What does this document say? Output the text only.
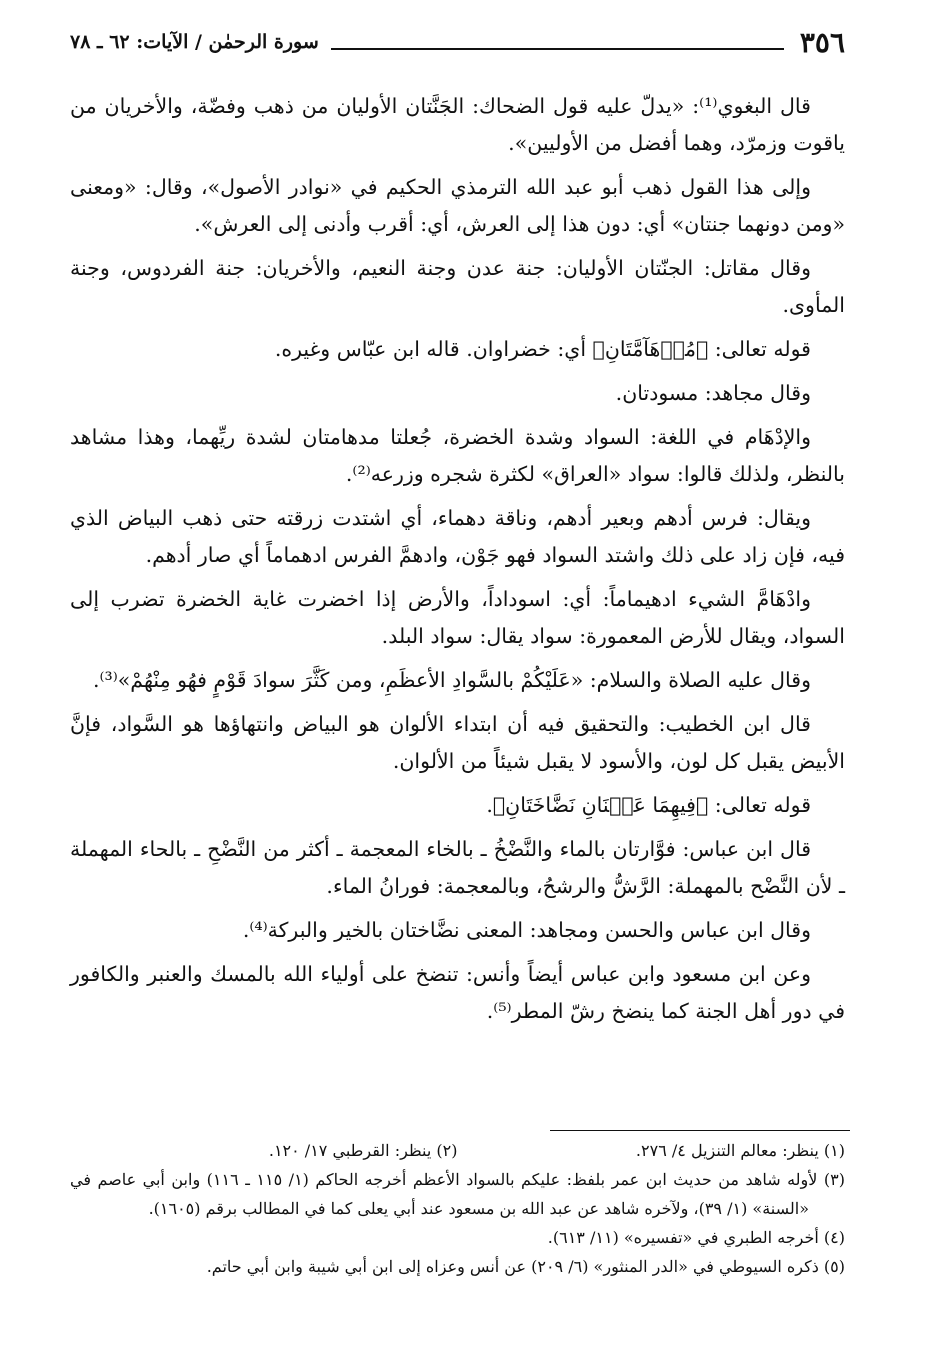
٣٥٦
سورة الرحمٰن / الآيات: ٦٢ ـ ٧٨

قال البغوي⁽¹⁾: «يدلّ عليه قول الضحاك: الجَنَّتان الأوليان من ذهب وفضّة، والأخريان من ياقوت وزمرّد، وهما أفضل من الأوليين».

وإلى هذا القول ذهب أبو عبد الله الترمذي الحكيم في «نوادر الأصول»، وقال: «ومعنى «ومن دونهما جنتان» أي: دون هذا إلى العرش، أي: أقرب وأدنى إلى العرش».

وقال مقاتل: الجنّتان الأوليان: جنة عدن وجنة النعيم، والأخريان: جنة الفردوس، وجنة المأوى.

قوله تعالى: ﴿مُدۡهَآمَّتَانِ﴾ أي: خضراوان. قاله ابن عبّاس وغيره.

وقال مجاهد: مسودتان.

والإدْهَام في اللغة: السواد وشدة الخضرة، جُعلتا مدهامتان لشدة ريِّهما، وهذا مشاهد بالنظر، ولذلك قالوا: سواد «العراق» لكثرة شجره وزرعه⁽²⁾.

ويقال: فرس أدهم وبعير أدهم، وناقة دهماء، أي اشتدت زرقته حتى ذهب البياض الذي فيه، فإن زاد على ذلك واشتد السواد فهو جَوْن، وادهمَّ الفرس ادهماماً أي صار أدهم.

وادْهَامَّ الشيء ادهيماماً: أي: اسوداداً، والأرض إذا اخضرت غاية الخضرة تضرب إلى السواد، ويقال للأرض المعمورة: سواد يقال: سواد البلد.

وقال عليه الصلاة والسلام: «عَلَيْكُمْ بالسَّوادِ الأعظَمِ، ومن كَثَّرَ سوادَ قَوْمٍ فهُو مِنْهُمْ»⁽³⁾.

قال ابن الخطيب: والتحقيق فيه أن ابتداء الألوان هو البياض وانتهاؤها هو السَّواد، فإنَّ الأبيض يقبل كل لون، والأسود لا يقبل شيئاً من الألوان.

قوله تعالى: ﴿فِيهِمَا عَيۡنَانِ نَضَّاخَتَانِ﴾.

قال ابن عباس: فوَّارتان بالماء والنَّضْخُ ـ بالخاء المعجمة ـ أكثر من النَّضْحِ ـ بالحاء المهملة ـ لأن النَّضْح بالمهملة: الرَّشُّ والرشحُ، وبالمعجمة: فورانُ الماء.

وقال ابن عباس والحسن ومجاهد: المعنى نضَّاختان بالخير والبركة⁽⁴⁾.

وعن ابن مسعود وابن عباس أيضاً وأنس: تنضخ على أولياء الله بالمسك والعنبر والكافور في دور أهل الجنة كما ينضخ رشّ المطر⁽⁵⁾.

(١) ينظر: معالم التنزيل ٤/ ٢٧٦.

(٢) ينظر: القرطبي ١٧/ ١٢٠.

(٣) لأوله شاهد من حديث ابن عمر بلفظ: عليكم بالسواد الأعظم أخرجه الحاكم (١/ ١١٥ ـ ١١٦) وابن أبي عاصم في «السنة» (١/ ٣٩)، ولآخره شاهد عن عبد الله بن مسعود عند أبي يعلى كما في المطالب برقم (١٦٠٥).

(٤) أخرجه الطبري في «تفسيره» (١١/ ٦١٣).

(٥) ذكره السيوطي في «الدر المنثور» (٦/ ٢٠٩) عن أنس وعزاه إلى ابن أبي شيبة وابن أبي حاتم.
